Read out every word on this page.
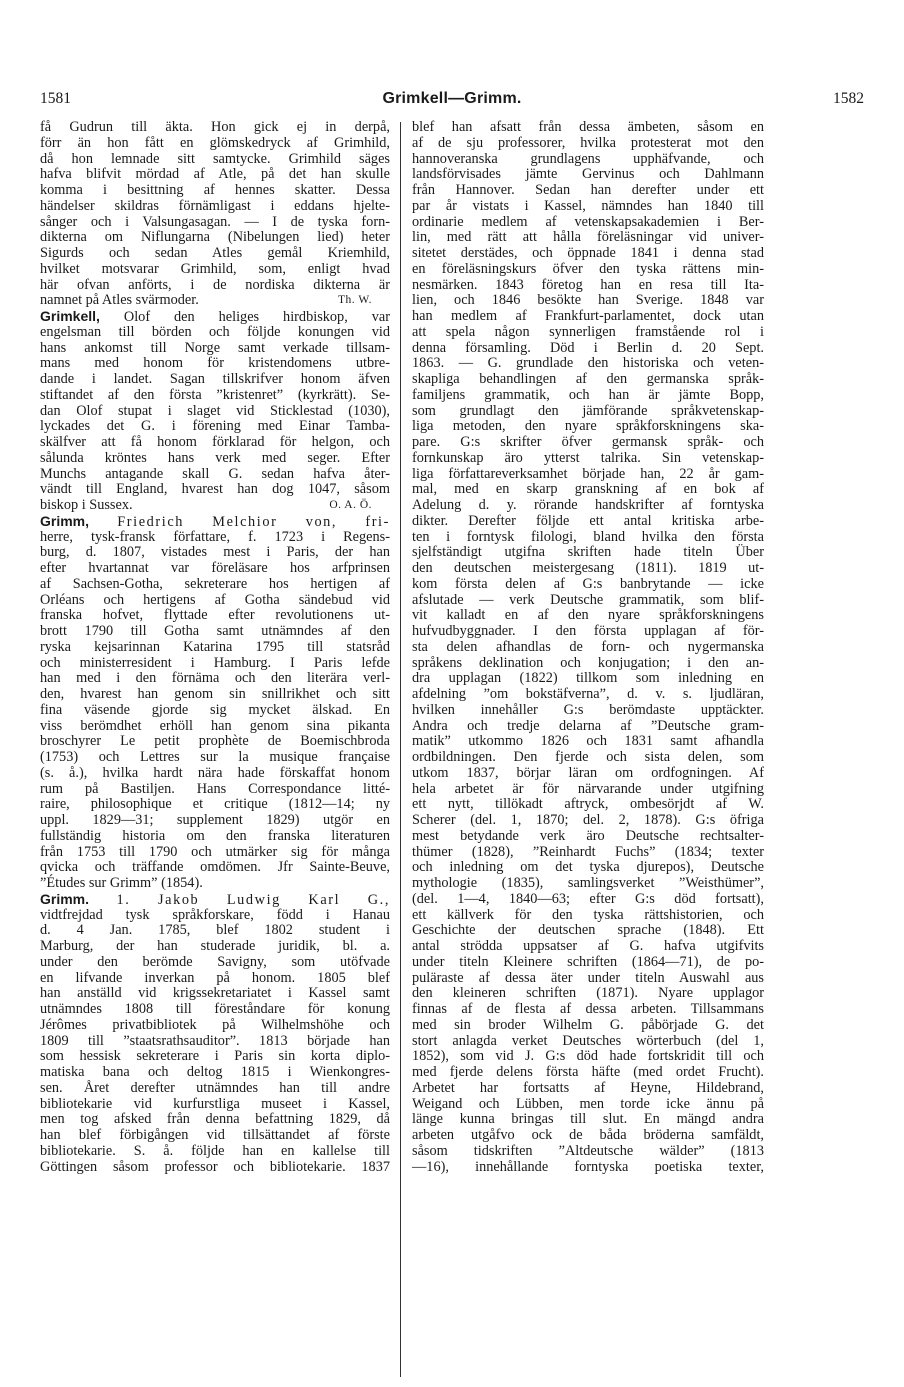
1581	Grimkell—Grimm.	1582
få Gudrun till äkta. Hon gick ej in derpå,
förr än hon fått en glömskedryck af Grimhild,
då hon lemnade sitt samtycke. Grimhild säges
hafva blifvit mördad af Atle, på det han skulle
komma i besittning af hennes skatter. Dessa
händelser skildras förnämligast i eddans hjelte-
sånger och i Valsungasagan. — I de tyska forn-
dikterna om Niflungarna (Nibelungen lied) heter
Sigurds och sedan Atles gemål Kriemhild,
hvilket motsvarar Grimhild, som, enligt hvad
här ofvan anförts, i de nordiska dikterna är
namnet på Atles svärmoder.	Th. W.
Grimkell, Olof den heliges hirdbiskop, var
engelsman till börden och följde konungen vid
hans ankomst till Norge samt verkade tillsam-
mans med honom för kristendomens utbre-
dande i landet. Sagan tillskrifver honom äfven
stiftandet af den första ”kristenret” (kyrkrätt). Se-
dan Olof stupat i slaget vid Sticklestad (1030),
lyckades det G. i förening med Einar Tamba-
skälfver att få honom förklarad för helgon, och
sålunda kröntes hans verk med seger. Efter
Munchs antagande skall G. sedan hafva åter-
vändt till England, hvarest han dog 1047, såsom
biskop i Sussex.	O. A. Ö.
Grimm, Friedrich Melchior von, fri-
herre, tysk-fransk författare, f. 1723 i Regens-
burg, d. 1807, vistades mest i Paris, der han
efter hvartannat var föreläsare hos arfprinsen
af Sachsen-Gotha, sekreterare hos hertigen af
Orléans och hertigens af Gotha sändebud vid
franska hofvet, flyttade efter revolutionens ut-
brott 1790 till Gotha samt utnämndes af den
ryska kejsarinnan Katarina 1795 till statsråd
och ministerresident i Hamburg. I Paris lefde
han med i den förnäma och den literära verl-
den, hvarest han genom sin snillrikhet och sitt
fina väsende gjorde sig mycket älskad. En
viss berömdhet erhöll han genom sina pikanta
broschyrer Le petit prophète de Boemischbroda
(1753) och Lettres sur la musique française
(s. å.), hvilka hardt nära hade förskaffat honom
rum på Bastiljen. Hans Correspondance litté-
raire, philosophique et critique (1812—14; ny
uppl. 1829—31; supplement 1829) utgör en
fullständig historia om den franska literaturen
från 1753 till 1790 och utmärker sig för många
qvicka och träffande omdömen. Jfr Sainte-Beuve,
”Études sur Grimm” (1854).
Grimm. 1. Jakob Ludwig Karl G.,
vidtfrejdad tysk språkforskare, född i Hanau
d. 4 Jan. 1785, blef 1802 student i
Marburg, der han studerade juridik, bl. a.
under den berömde Savigny, som utöfvade
en lifvande inverkan på honom. 1805 blef
han anställd vid krigssekretariatet i Kassel samt
utnämndes 1808 till föreståndare för konung
Jérômes privatbibliotek på Wilhelmshöhe och
1809 till ”staatsrathsauditor”. 1813 började han
som hessisk sekreterare i Paris sin korta diplo-
matiska bana och deltog 1815 i Wienkongres-
sen. Året derefter utnämndes han till andre
bibliotekarie vid kurfurstliga museet i Kassel,
men tog afsked från denna befattning 1829, då
han blef förbigången vid tillsättandet af förste
bibliotekarie. S. å. följde han en kallelse till
Göttingen såsom professor och bibliotekarie. 1837
blef han afsatt från dessa ämbeten, såsom en
af de sju professorer, hvilka protesterat mot den
hannoveranska grundlagens upphäfvande, och
landsförvisades jämte Gervinus och Dahlmann
från Hannover. Sedan han derefter under ett
par år vistats i Kassel, nämndes han 1840 till
ordinarie medlem af vetenskapsakademien i Ber-
lin, med rätt att hålla föreläsningar vid univer-
sitetet derstädes, och öppnade 1841 i denna stad
en föreläsningskurs öfver den tyska rättens min-
nesmärken. 1843 företog han en resa till Ita-
lien, och 1846 besökte han Sverige. 1848 var
han medlem af Frankfurt-parlamentet, dock utan
att spela någon synnerligen framstående rol i
denna församling. Död i Berlin d. 20 Sept.
1863. — G. grundlade den historiska och veten-
skapliga behandlingen af den germanska språk-
familjens grammatik, och han är jämte Bopp,
som grundlagt den jämförande språkvetenskap-
liga metoden, den nyare språkforskningens ska-
pare. G:s skrifter öfver germansk språk- och
fornkunskap äro ytterst talrika. Sin vetenskap-
liga författareverksamhet började han, 22 år gam-
mal, med en skarp granskning af en bok af
Adelung d. y. rörande handskrifter af forntyska
dikter. Derefter följde ett antal kritiska arbe-
ten i forntysk filologi, bland hvilka den första
sjelfständigt utgifna skriften hade titeln Über
den deutschen meistergesang (1811). 1819 ut-
kom första delen af G:s banbrytande — icke
afslutade — verk Deutsche grammatik, som blif-
vit kalladt en af den nyare språkforskningens
hufvudbyggnader. I den första upplagan af för-
sta delen afhandlas de forn- och nygermanska
språkens deklination och konjugation; i den an-
dra upplagan (1822) tillkom som inledning en
afdelning ”om bokstäfverna”, d. v. s. ljudläran,
hvilken innehåller G:s berömdaste upptäckter.
Andra och tredje delarna af ”Deutsche gram-
matik” utkommo 1826 och 1831 samt afhandla
ordbildningen. Den fjerde och sista delen, som
utkom 1837, börjar läran om ordfogningen. Af
hela arbetet är för närvarande under utgifning
ett nytt, tillökadt aftryck, ombesörjdt af W.
Scherer (del. 1, 1870; del. 2, 1878). G:s öfriga
mest betydande verk äro Deutsche rechtsalter-
thümer (1828), ”Reinhardt Fuchs” (1834; texter
och inledning om det tyska djurepos), Deutsche
mythologie (1835), samlingsverket ”Weisthümer”,
(del. 1—4, 1840—63; efter G:s död fortsatt),
ett källverk för den tyska rättshistorien, och
Geschichte der deutschen sprache (1848). Ett
antal strödda uppsatser af G. hafva utgifvits
under titeln Kleinere schriften (1864—71), de po-
puläraste af dessa äter under titeln Auswahl aus
den kleineren schriften (1871). Nyare upplagor
finnas af de flesta af dessa arbeten. Tillsammans
med sin broder Wilhelm G. påbörjade G. det
stort anlagda verket Deutsches wörterbuch (del 1,
1852), som vid J. G:s död hade fortskridit till och
med fjerde delens första häfte (med ordet Frucht).
Arbetet har fortsatts af Heyne, Hildebrand,
Weigand och Lübben, men torde icke ännu på
länge kunna bringas till slut. En mängd andra
arbeten utgåfvo ock de båda bröderna samfäldt,
såsom tidskriften ”Altdeutsche wälder” (1813
—16), innehållande forntyska poetiska texter,
